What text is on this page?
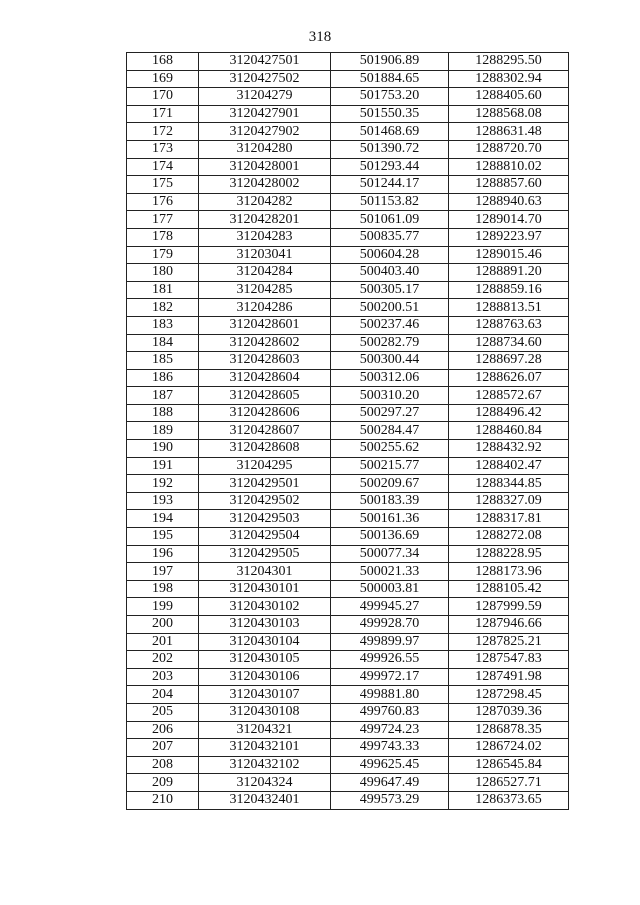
318
168	3120427501	501906.89	1288295.50
169	3120427502	501884.65	1288302.94
170	31204279	501753.20	1288405.60
171	3120427901	501550.35	1288568.08
172	3120427902	501468.69	1288631.48
173	31204280	501390.72	1288720.70
174	3120428001	501293.44	1288810.02
175	3120428002	501244.17	1288857.60
176	31204282	501153.82	1288940.63
177	3120428201	501061.09	1289014.70
178	31204283	500835.77	1289223.97
179	31203041	500604.28	1289015.46
180	31204284	500403.40	1288891.20
181	31204285	500305.17	1288859.16
182	31204286	500200.51	1288813.51
183	3120428601	500237.46	1288763.63
184	3120428602	500282.79	1288734.60
185	3120428603	500300.44	1288697.28
186	3120428604	500312.06	1288626.07
187	3120428605	500310.20	1288572.67
188	3120428606	500297.27	1288496.42
189	3120428607	500284.47	1288460.84
190	3120428608	500255.62	1288432.92
191	31204295	500215.77	1288402.47
192	3120429501	500209.67	1288344.85
193	3120429502	500183.39	1288327.09
194	3120429503	500161.36	1288317.81
195	3120429504	500136.69	1288272.08
196	3120429505	500077.34	1288228.95
197	31204301	500021.33	1288173.96
198	3120430101	500003.81	1288105.42
199	3120430102	499945.27	1287999.59
200	3120430103	499928.70	1287946.66
201	3120430104	499899.97	1287825.21
202	3120430105	499926.55	1287547.83
203	3120430106	499972.17	1287491.98
204	3120430107	499881.80	1287298.45
205	3120430108	499760.83	1287039.36
206	31204321	499724.23	1286878.35
207	3120432101	499743.33	1286724.02
208	3120432102	499625.45	1286545.84
209	31204324	499647.49	1286527.71
210	3120432401	499573.29	1286373.65
